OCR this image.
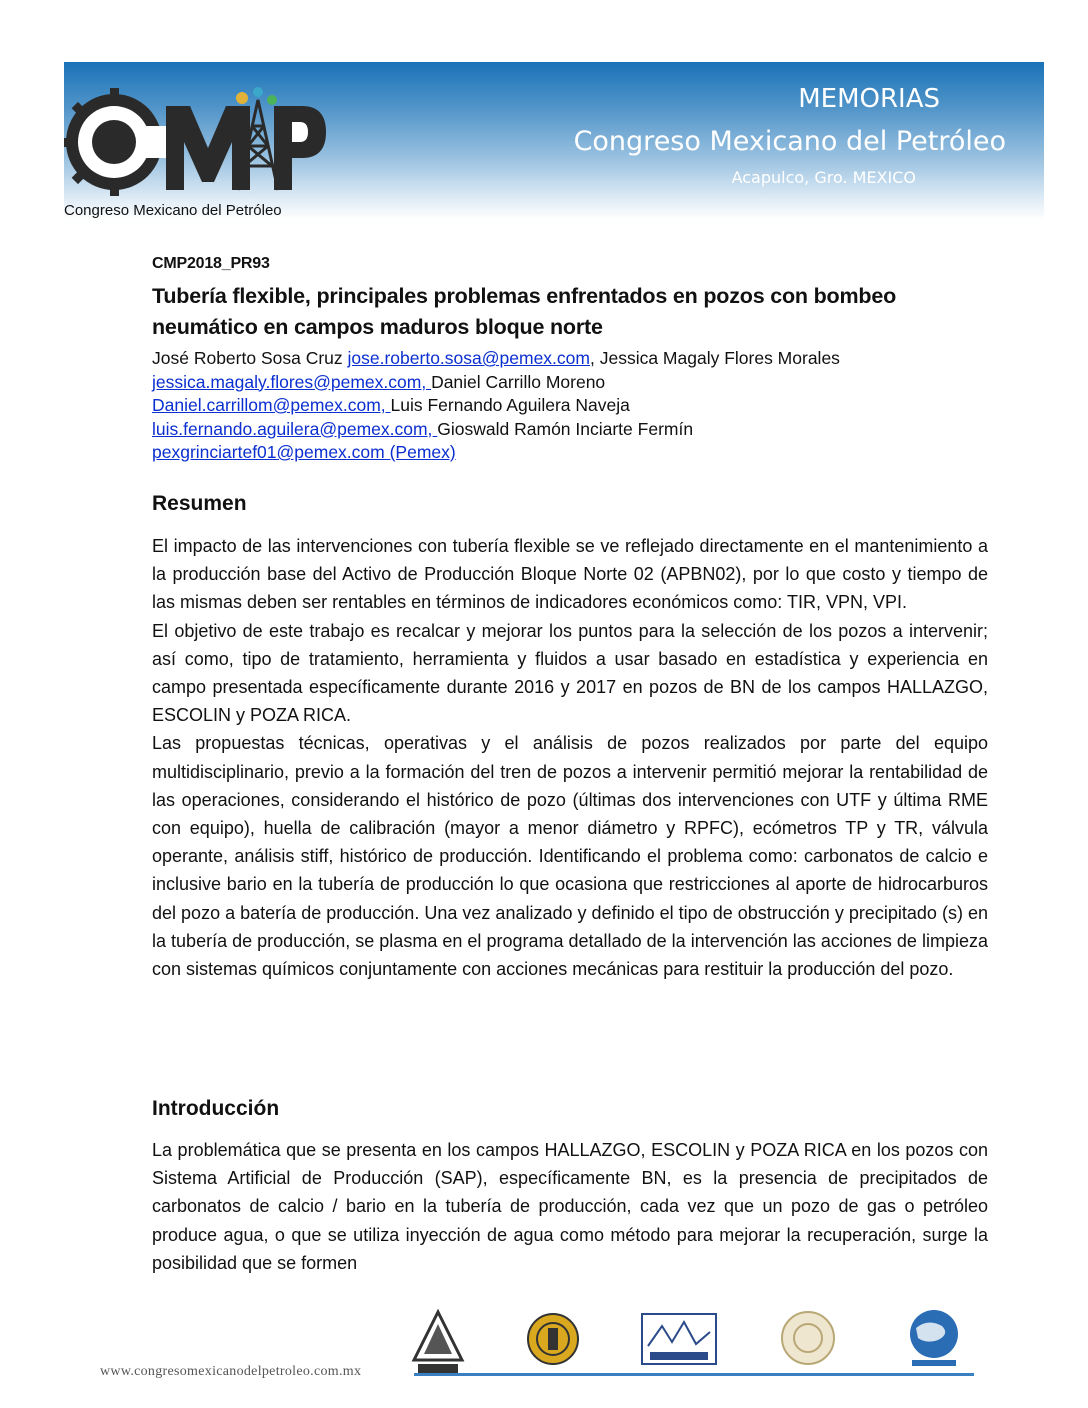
Congreso Mexicano del Petróleo
MEMORIAS
Congreso Mexicano del Petróleo
Acapulco, Gro. MEXICO
CMP2018_PR93
Tubería flexible, principales problemas enfrentados en pozos con bombeo neumático en campos maduros bloque norte
José Roberto Sosa Cruz jose.roberto.sosa@pemex.com, Jessica Magaly Flores Morales jessica.magaly.flores@pemex.com, Daniel Carrillo Moreno
Daniel.carrillom@pemex.com, Luis Fernando Aguilera Naveja
luis.fernando.aguilera@pemex.com, Gioswald Ramón Inciarte Fermín
pexgrinciartef01@pemex.com (Pemex)
Resumen

El impacto de las intervenciones con tubería flexible se ve reflejado directamente en el mantenimiento a la producción base del Activo de Producción Bloque Norte 02 (APBN02), por lo que costo y tiempo de las mismas deben ser rentables en términos de indicadores económicos como: TIR, VPN, VPI.

El objetivo de este trabajo es recalcar y mejorar los puntos para la selección de los pozos a intervenir; así como, tipo de tratamiento, herramienta y fluidos a usar basado en estadística y experiencia en campo presentada específicamente durante 2016 y 2017 en pozos de BN de los campos HALLAZGO, ESCOLIN y POZA RICA.

Las propuestas técnicas, operativas y el análisis de pozos realizados por parte del equipo multidisciplinario, previo a la formación del tren de pozos a intervenir permitió mejorar la rentabilidad de las operaciones, considerando el histórico de pozo (últimas dos intervenciones con UTF y última RME con equipo), huella de calibración (mayor a menor diámetro y RPFC), ecómetros TP y TR, válvula operante, análisis stiff, histórico de producción. Identificando el problema como: carbonatos de calcio e inclusive bario en la tubería de producción lo que ocasiona que restricciones al aporte de hidrocarburos del pozo a batería de producción. Una vez analizado y definido el tipo de obstrucción y precipitado (s) en la tubería de producción, se plasma en el programa detallado de la intervención las acciones de limpieza con sistemas químicos conjuntamente con acciones mecánicas para restituir la producción del pozo.

Introducción

La problemática que se presenta en los campos HALLAZGO, ESCOLIN y POZA RICA en los pozos con Sistema Artificial de Producción (SAP), específicamente BN, es la presencia de precipitados de carbonatos de calcio / bario en la tubería de producción, cada vez que un pozo de gas o petróleo produce agua, o que se utiliza inyección de agua como método para mejorar la recuperación, surge la posibilidad que se formen

www.congresomexicanodelpetroleo.com.mx
